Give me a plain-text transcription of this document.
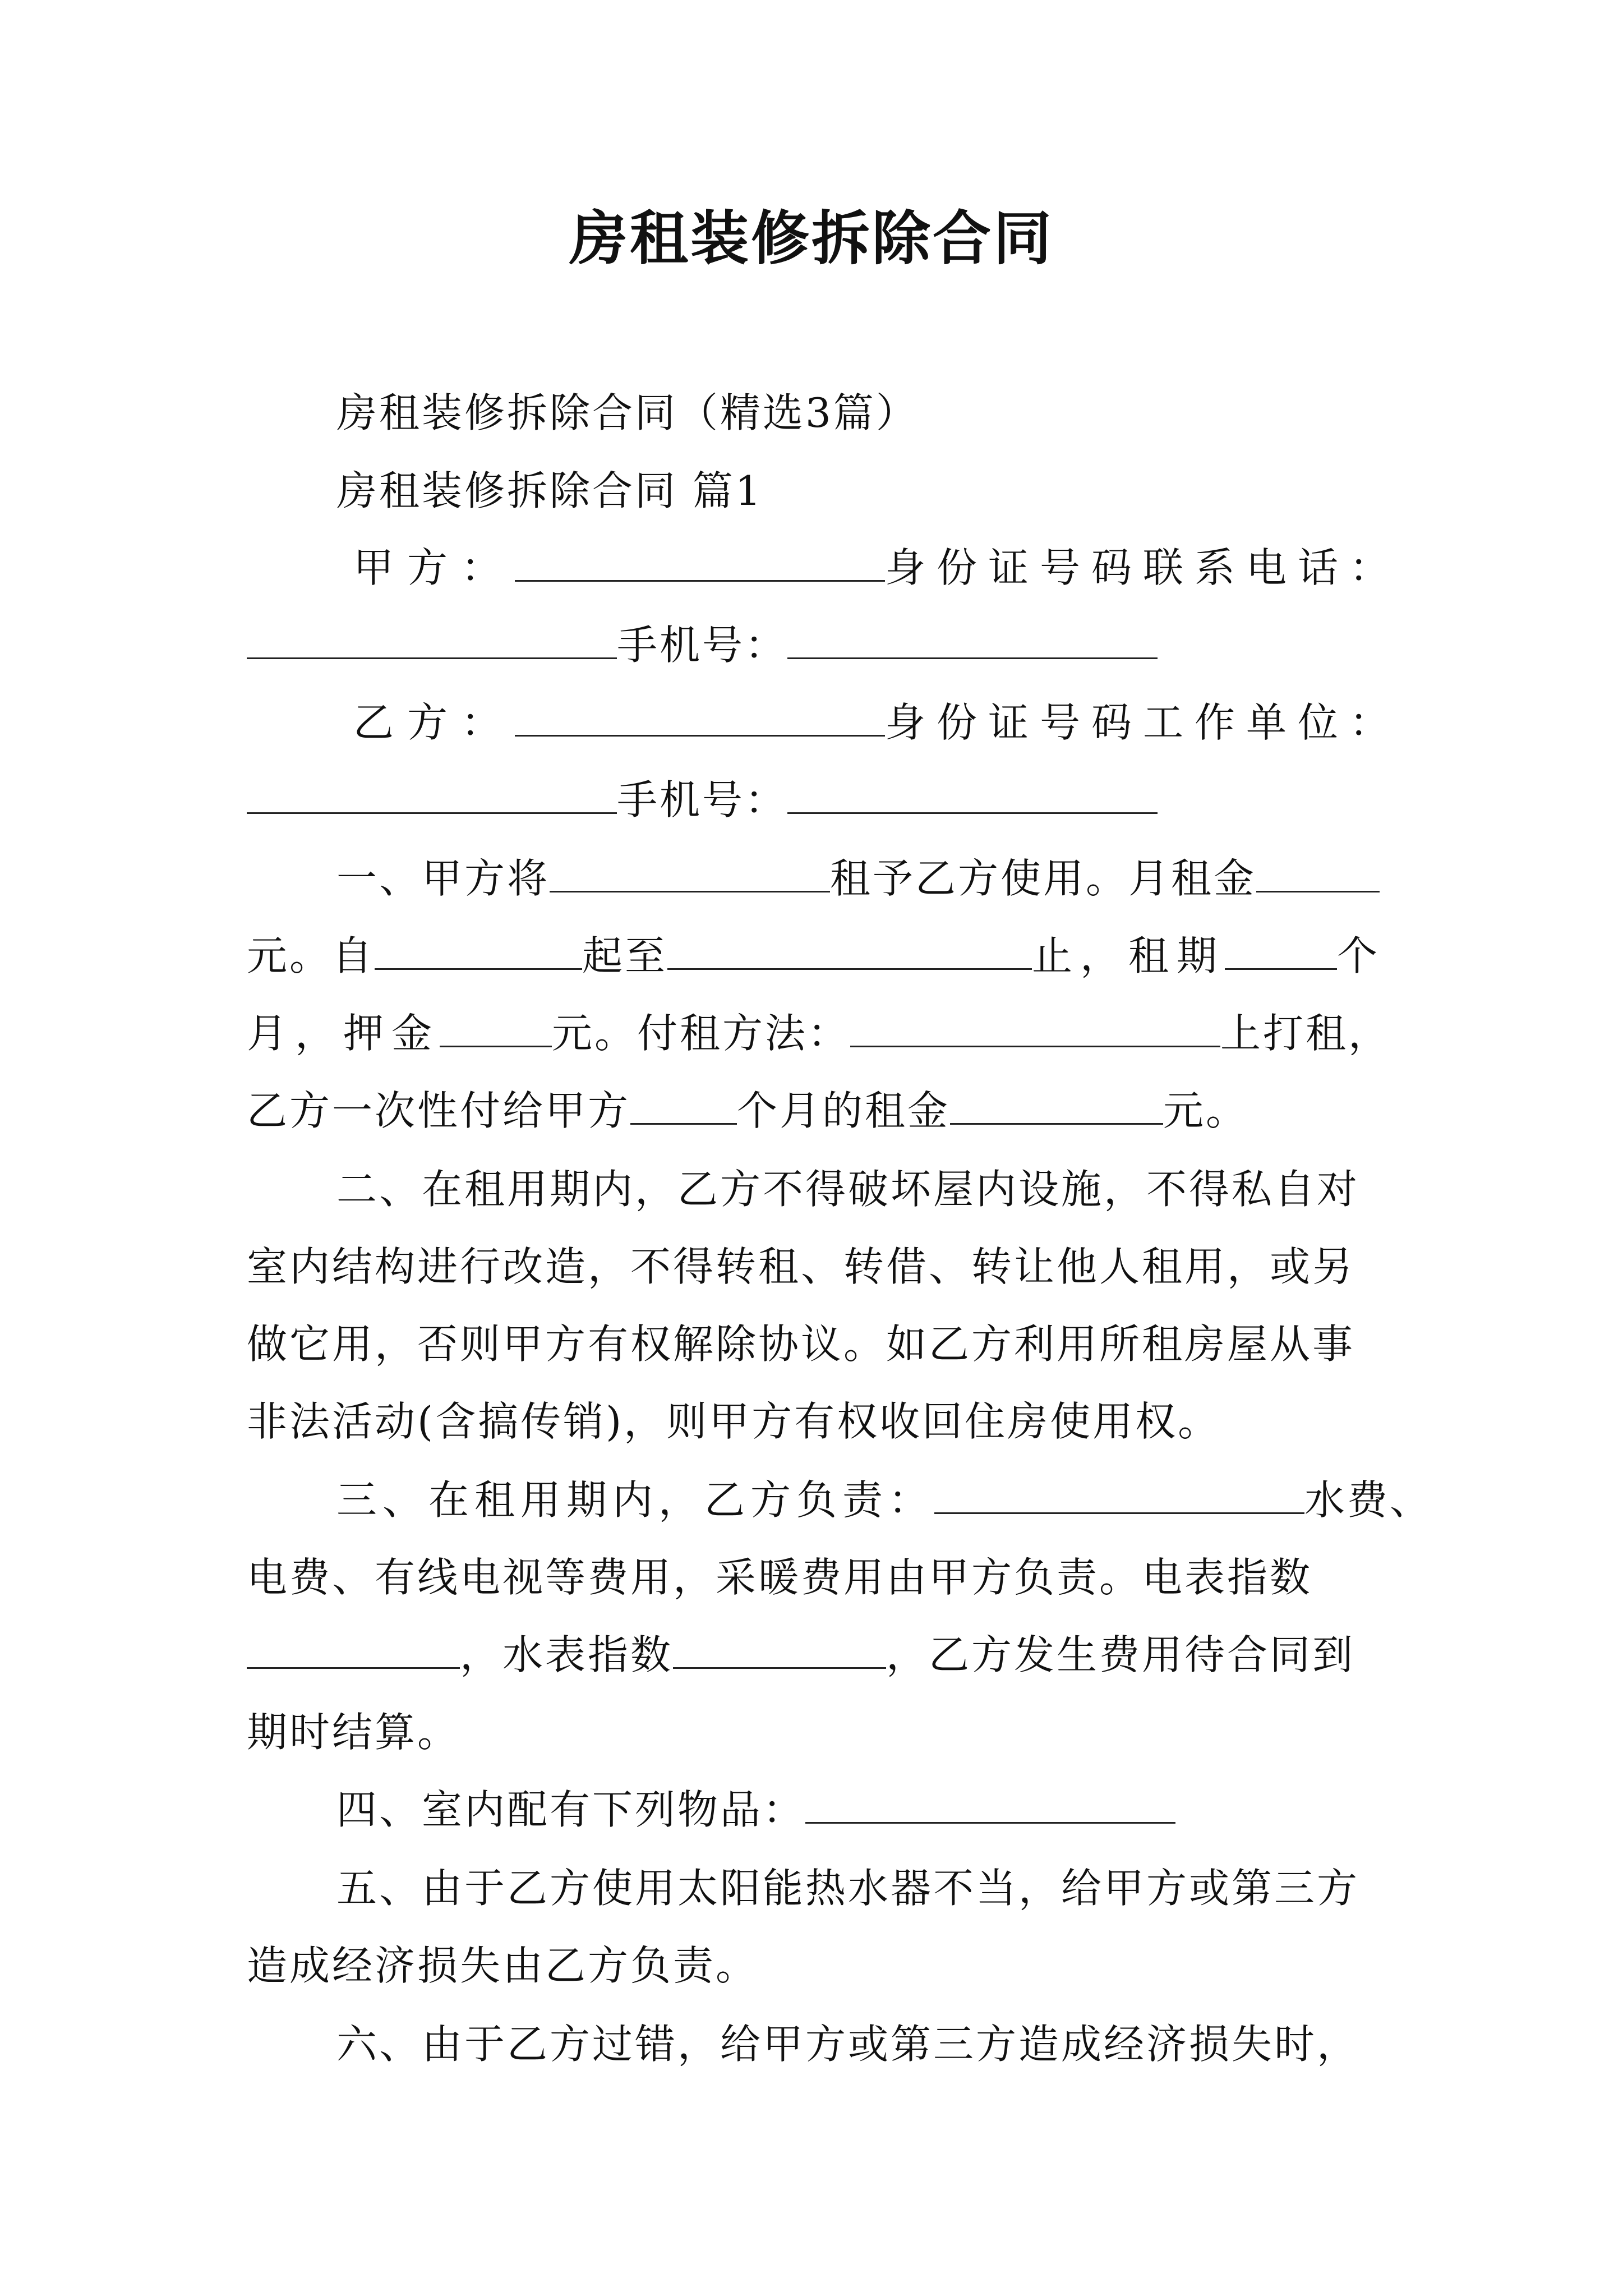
房租装修拆除合同
房租装修拆除合同（精选3篇）
房租装修拆除合同 篇1
甲方：	身份证号码联系电话：
手机号：
乙方：	身份证号码工作单位：
手机号：
一、甲方将	租予乙方使用。月租金
元。自	起至	止，租期	个
月，押金	元。付租方法：	上打租，
乙方一次性付给甲方	个月的租金	元。
二、在租用期内，乙方不得破坏屋内设施，不得私自对
室内结构进行改造，不得转租、转借、转让他人租用，或另
做它用，否则甲方有权解除协议。如乙方利用所租房屋从事
非法活动(含搞传销)，则甲方有权收回住房使用权。
三、在租用期内，乙方负责：	水费、
电费、有线电视等费用，采暖费用由甲方负责。电表指数
，水表指数	，乙方发生费用待合同到
期时结算。
四、室内配有下列物品：
五、由于乙方使用太阳能热水器不当，给甲方或第三方
造成经济损失由乙方负责。
六、由于乙方过错，给甲方或第三方造成经济损失时，
